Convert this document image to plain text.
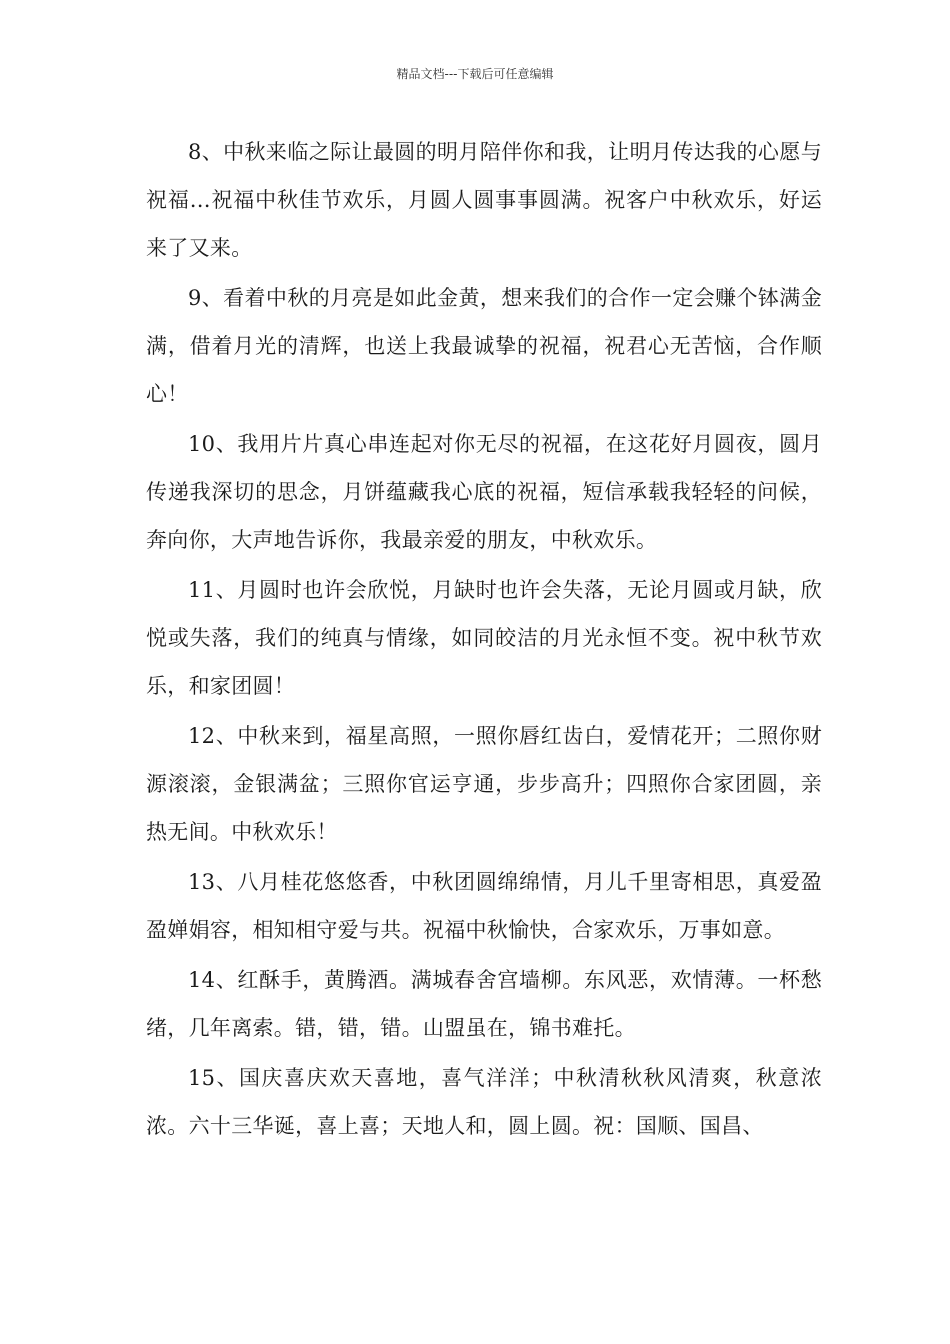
精品文档---下载后可任意编辑

8、中秋来临之际让最圆的明月陪伴你和我，让明月传达我的心愿与祝福…祝福中秋佳节欢乐，月圆人圆事事圆满。祝客户中秋欢乐，好运来了又来。

9、看着中秋的月亮是如此金黄，想来我们的合作一定会赚个钵满金满，借着月光的清辉，也送上我最诚挚的祝福，祝君心无苦恼，合作顺心！

10、我用片片真心串连起对你无尽的祝福，在这花好月圆夜，圆月传递我深切的思念，月饼蕴藏我心底的祝福，短信承载我轻轻的问候，奔向你，大声地告诉你，我最亲爱的朋友，中秋欢乐。

11、月圆时也许会欣悦，月缺时也许会失落，无论月圆或月缺，欣悦或失落，我们的纯真与情缘，如同皎洁的月光永恒不变。祝中秋节欢乐，和家团圆！

12、中秋来到，福星高照，一照你唇红齿白，爱情花开；二照你财源滚滚，金银满盆；三照你官运亨通，步步高升；四照你合家团圆，亲热无间。中秋欢乐！

13、八月桂花悠悠香，中秋团圆绵绵情，月儿千里寄相思，真爱盈盈婵娟容，相知相守爱与共。祝福中秋愉快，合家欢乐，万事如意。

14、红酥手，黄腾酒。满城春舍宫墙柳。东风恶，欢情薄。一杯愁绪，几年离索。错，错，错。山盟虽在，锦书难托。

15、国庆喜庆欢天喜地，喜气洋洋；中秋清秋秋风清爽，秋意浓浓。六十三华诞，喜上喜；天地人和，圆上圆。祝：国顺、国昌、
